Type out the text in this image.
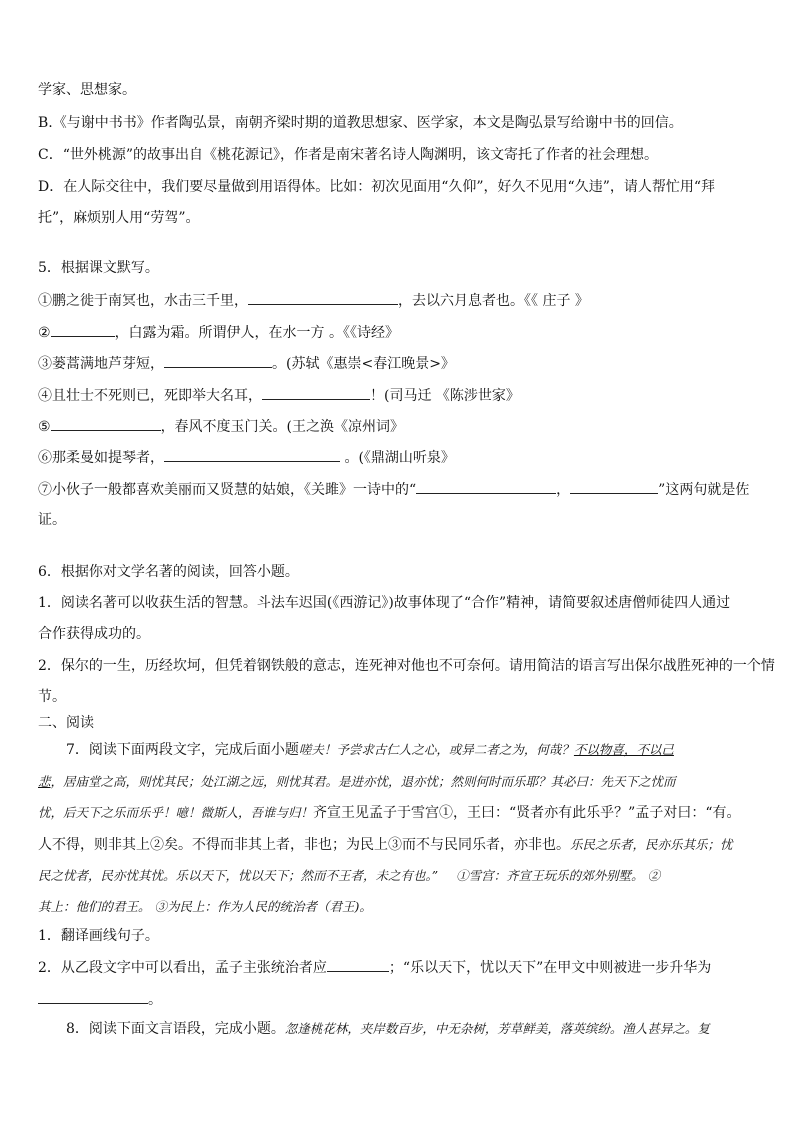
学家、思想家。
B.《与谢中书书》作者陶弘景，南朝齐梁时期的道教思想家、医学家，本文是陶弘景写给谢中书的回信。
C．“世外桃源”的故事出自《桃花源记》，作者是南宋著名诗人陶渊明，该文寄托了作者的社会理想。
D．在人际交往中，我们要尽量做到用语得体。比如：初次见面用“久仰”，好久不见用“久违”，请人帮忙用“拜
托”，麻烦别人用“劳驾”。
5．根据课文默写。
①鹏之徙于南冥也，水击三千里，	，去以六月息者也。《《 庄子 》
②	，白露为霜。所谓伊人，在水一方 。《《诗经》
③蒌蒿满地芦芽短，	。(苏轼《惠崇<春江晚景>》
④且壮士不死则已，死即举大名耳，	！(司马迁 《陈涉世家》
⑤	，春风不度玉门关。(王之涣《凉州词》
⑥那柔曼如提琴者，	。(《鼎湖山听泉》
⑦小伙子一般都喜欢美丽而又贤慧的姑娘，《关雎》一诗中的“	，	”这两句就是佐
证。
6．根据你对文学名著的阅读，回答小题。
1．阅读名著可以收获生活的智慧。斗法车迟国(《西游记》)故事体现了“合作”精神，请简要叙述唐僧师徒四人通过
合作获得成功的。
2．保尔的一生，历经坎坷，但凭着钢铁般的意志，连死神对他也不可奈何。请用简洁的语言写出保尔战胜死神的一个情
节。
二、阅读
7．阅读下面两段文字，完成后面小题嗟夫！予尝求古仁人之心，或异二者之为，何哉？不以物喜，不以己
悲，居庙堂之高，则忧其民；处江湖之远，则忧其君。是进亦忧，退亦忧；然则何时而乐耶？其必曰：先天下之忧而
忧，后天下之乐而乐乎！噫！微斯人，吾谁与归！齐宣王见孟子于雪宫①，王曰：“贤者亦有此乐乎？”孟子对曰：“有。
人不得，则非其上②矣。不得而非其上者，非也；为民上③而不与民同乐者，亦非也。乐民之乐者，民亦乐其乐；忧
民之忧者，民亦忧其忧。乐以天下，忧以天下；然而不王者，未之有也。” ①雪宫：齐宣王玩乐的郊外别墅。 ②
其上：他们的君王。 ③为民上：作为人民的统治者（君王)。
1．翻译画线句子。
2．从乙段文字中可以看出，孟子主张统治者应	；“乐以天下，忧以天下”在甲文中则被进一步升华为
。
8．阅读下面文言语段，完成小题。忽逢桃花林，夹岸数百步，中无杂树，芳草鲜美，落英缤纷。渔人甚异之。复
